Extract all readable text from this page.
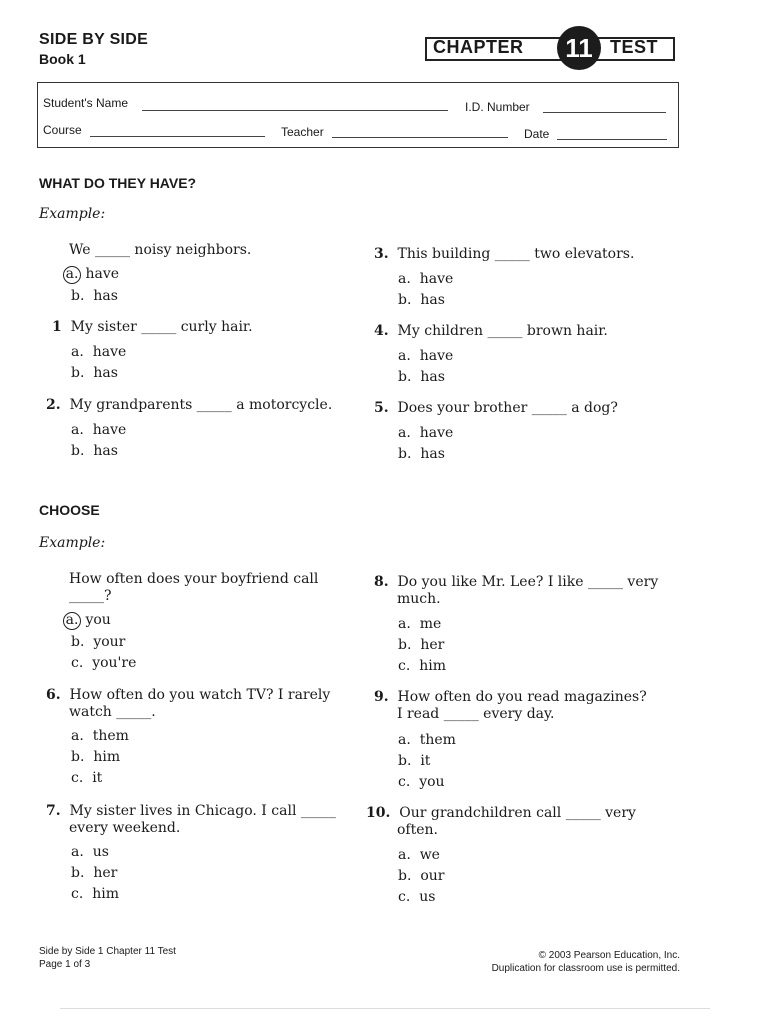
SIDE BY SIDE
Book 1
CHAPTER	11 TEST
Student's Name	I.D. Number
Course	Teacher	Date
WHAT DO THEY HAVE?
Example:
We _____ noisy neighbors.
a. have
b. has
1 My sister _____ curly hair.
a. have
b. has
2. My grandparents _____ a motorcycle.
a. have
b. has
3. This building _____ two elevators.
a. have
b. has
4. My children _____ brown hair.
a. have
b. has
5. Does your brother _____ a dog?
a. have
b. has
CHOOSE
Example:
How often does your boyfriend call
_____?
a. you
b. your
c. you're
6. How often do you watch TV? I rarely
watch _____.
a. them
b. him
c. it
7. My sister lives in Chicago. I call _____
every weekend.
a. us
b. her
c. him
8. Do you like Mr. Lee? I like _____ very
much.
a. me
b. her
c. him
9. How often do you read magazines?
I read _____ every day.
a. them
b. it
c. you
10. Our grandchildren call _____ very
often.
a. we
b. our
c. us
Side by Side 1 Chapter 11 Test
Page 1 of 3
© 2003 Pearson Education, Inc.
Duplication for classroom use is permitted.
